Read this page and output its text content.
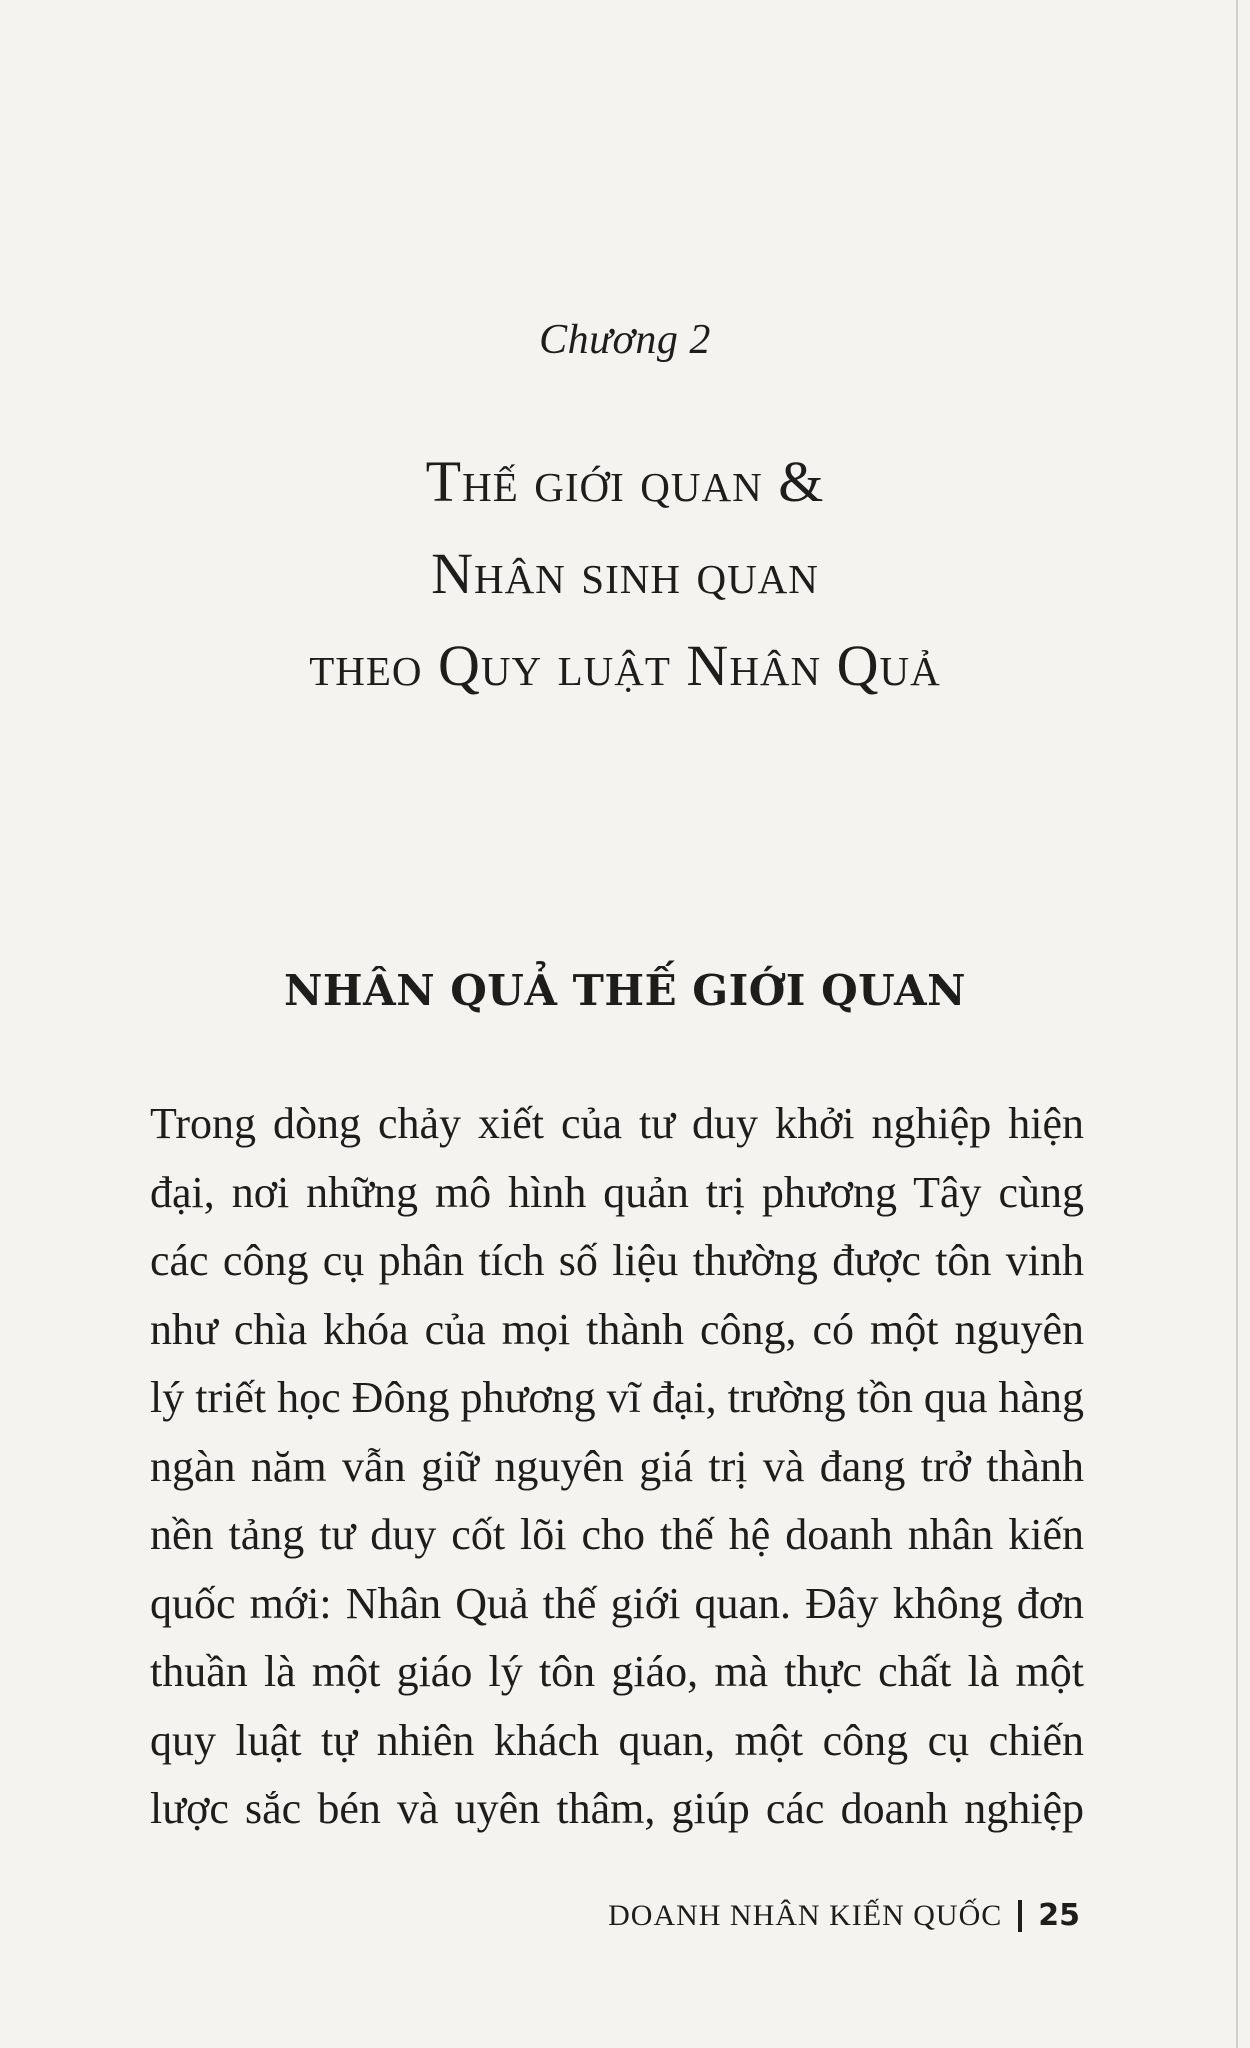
Chương 2
Thế giới quan &
Nhân sinh quan
theo Quy luật Nhân Quả
NHÂN QUẢ THẾ GIỚI QUAN
Trong dòng chảy xiết của tư duy khởi nghiệp hiện
đại, nơi những mô hình quản trị phương Tây cùng
các công cụ phân tích số liệu thường được tôn vinh
như chìa khóa của mọi thành công, có một nguyên
lý triết học Đông phương vĩ đại, trường tồn qua hàng
ngàn năm vẫn giữ nguyên giá trị và đang trở thành
nền tảng tư duy cốt lõi cho thế hệ doanh nhân kiến
quốc mới: Nhân Quả thế giới quan. Đây không đơn
thuần là một giáo lý tôn giáo, mà thực chất là một
quy luật tự nhiên khách quan, một công cụ chiến
lược sắc bén và uyên thâm, giúp các doanh nghiệp
DOANH NHÂN KIẾN QUỐC 25
